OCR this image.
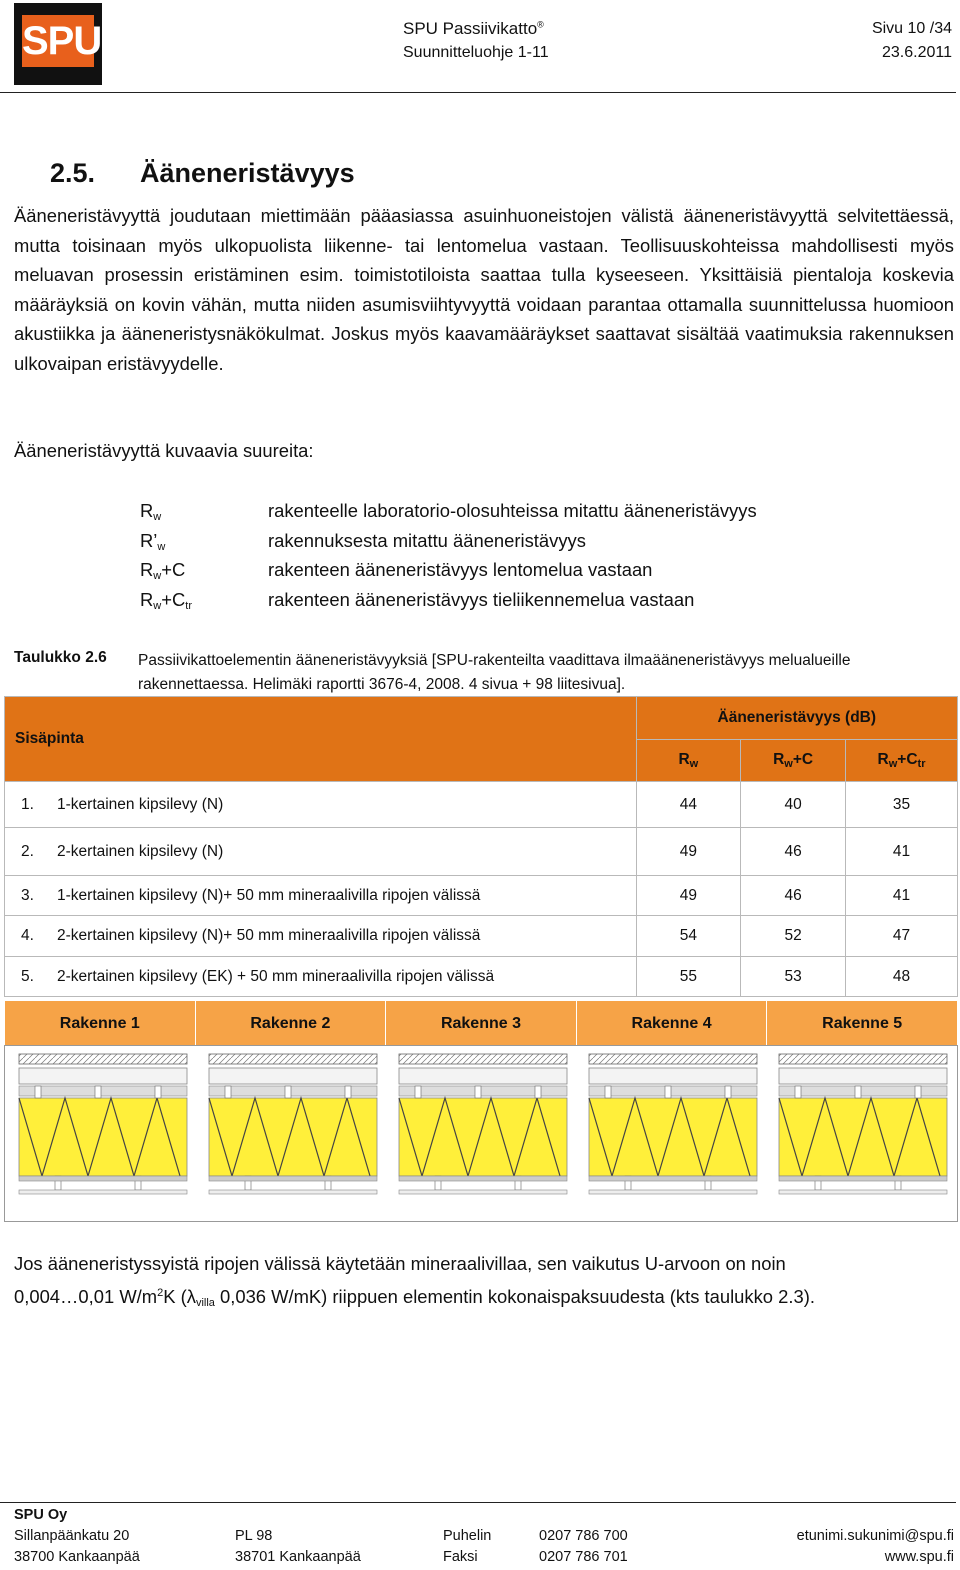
SPU	SPU Passiivikatto®
Suunnitteluohje 1-11
Sivu 10 /34
23.6.2011
2.5. Ääneneristävyys
Ääneneristävyyttä joudutaan miettimään pääasiassa asuinhuoneistojen välistä ääneneristävyyttä selvitettäessä, mutta toisinaan myös ulkopuolista liikenne- tai lentomelua vastaan. Teollisuuskohteissa mahdollisesti myös meluavan prosessin eristäminen esim. toimistotiloista saattaa tulla kyseeseen. Yksittäisiä pientaloja koskevia määräyksiä on kovin vähän, mutta niiden asumisviihtyvyyttä voidaan parantaa ottamalla suunnittelussa huomioon akustiikka ja ääneneristysnäkökulmat. Joskus myös kaavamääräykset saattavat sisältää vaatimuksia rakennuksen ulkovaipan eristävyydelle.
Ääneneristävyyttä kuvaavia suureita:
$R_w$	rakenteelle laboratorio-olosuhteissa mitattu ääneneristävyys
$R’_w$	rakennuksesta mitattu ääneneristävyys
$R_w+C$	rakenteen ääneneristävyys lentomelua vastaan
$R_w+C_{tr}$	rakenteen ääneneristävyys tieliikennemelua vastaan
Taulukko 2.6 Passiivikattoelementin ääneneristävyyksiä [SPU-rakenteilta vaadittava ilmaääneneristävyys melualueille rakennettaessa. Helimäki raportti 3676-4, 2008. 4 sivua + 98 liitesivua].
Sisäpinta	Ääneneristävyys (dB)		
	$R_w$	$R_w+C$	$R_w+C_{tr}$
1. 1-kertainen kipsilevy (N)	44	40	35
2. 2-kertainen kipsilevy (N)	49	46	41
3. 1-kertainen kipsilevy (N)+ 50 mm mineraalivilla ripojen välissä	49	46	41
4. 2-kertainen kipsilevy (N)+ 50 mm mineraalivilla ripojen välissä	54	52	47
5. 2-kertainen kipsilevy (EK) + 50 mm mineraalivilla ripojen välissä	55	53	48
Rakenne 1	Rakenne 2	Rakenne 3	Rakenne 4	Rakenne 5
Jos ääneneristyssyistä ripojen välissä käytetään mineraalivillaa, sen vaikutus U-arvoon on noin
0,004…0,01 $W/m^2K$ ($\lambda_{villa}$ 0,036 W/mK) riippuen elementin kokonaispaksuudesta (kts taulukko 2.3).
SPU Oy
Sillanpäänkatu 20
38700 Kankaanpää
PL 98
38701 Kankaanpää
Puhelin
Faksi
0207 786 700
0207 786 701
etunimi.sukunimi@spu.fi
www.spu.fi
